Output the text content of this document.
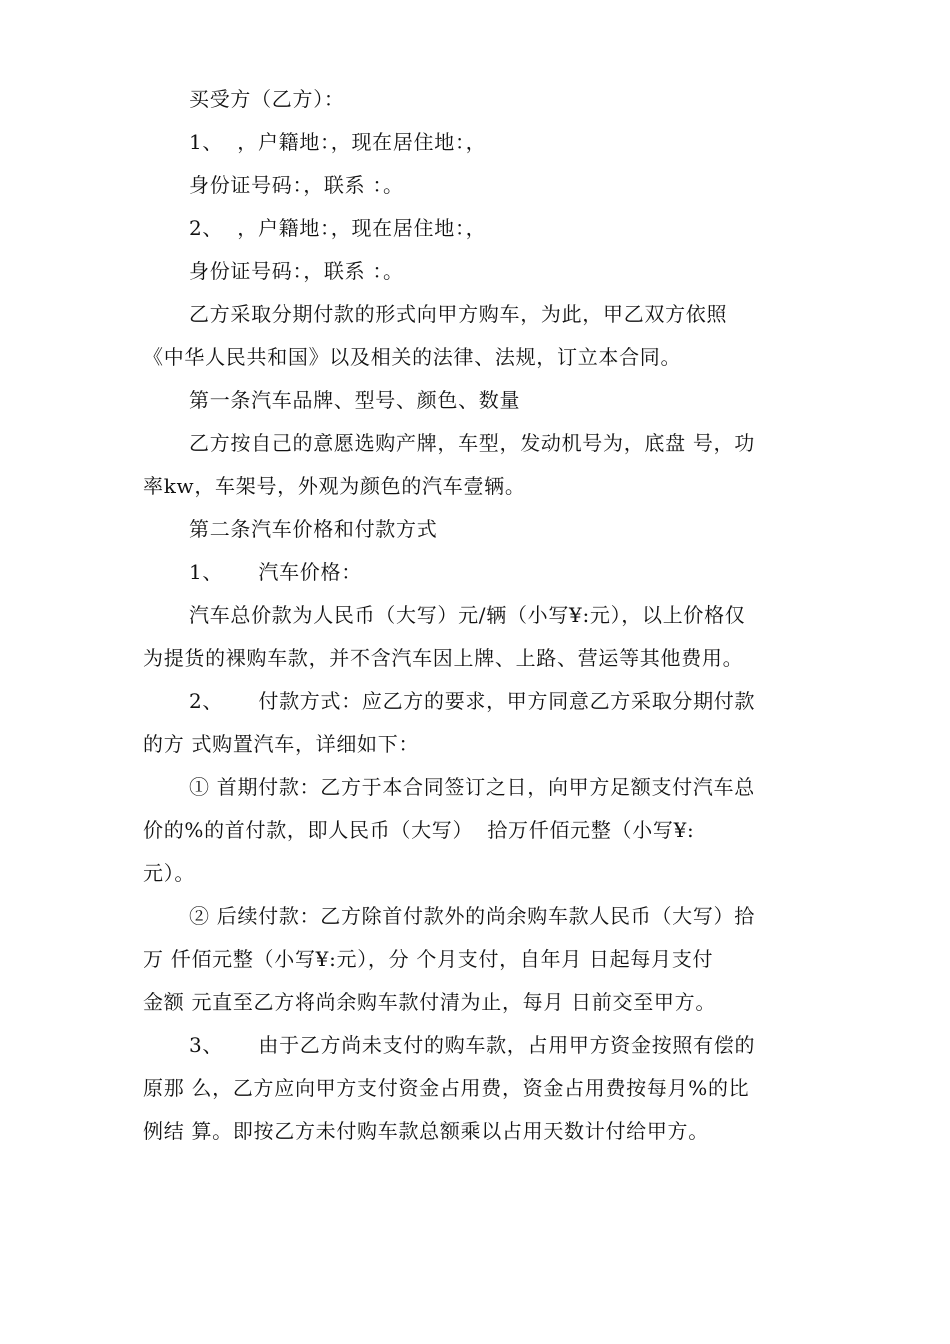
买受方（乙方）：
1、  ，户籍地：，现在居住地：，
身份证号码：，联系 ：。
2、  ，户籍地：，现在居住地：，
身份证号码：，联系 ：。
乙方采取分期付款的形式向甲方购车，为此，甲乙双方依照
《中华人民共和国》以及相关的法律、法规，订立本合同。
第一条汽车品牌、型号、颜色、数量
乙方按自己的意愿选购产牌，车型，发动机号为，底盘 号，功
率kw，车架号，外观为颜色的汽车壹辆。
第二条汽车价格和付款方式
1、     汽车价格：
汽车总价款为人民币（大写）元/辆（小写¥:元），以上价格仅
为提货的裸购车款，并不含汽车因上牌、上路、营运等其他费用。
2、     付款方式：应乙方的要求，甲方同意乙方采取分期付款
的方 式购置汽车，详细如下：
① 首期付款：乙方于本合同签订之日，向甲方足额支付汽车总
价的%的首付款，即人民币（大写）  拾万仟佰元整（小写¥:
元）。
② 后续付款：乙方除首付款外的尚余购车款人民币（大写）拾
万 仟佰元整（小写¥:元），分 个月支付，自年月 日起每月支付
金额 元直至乙方将尚余购车款付清为止，每月 日前交至甲方。
3、     由于乙方尚未支付的购车款，占用甲方资金按照有偿的
原那 么，乙方应向甲方支付资金占用费，资金占用费按每月%的比
例结 算。即按乙方未付购车款总额乘以占用天数计付给甲方。
